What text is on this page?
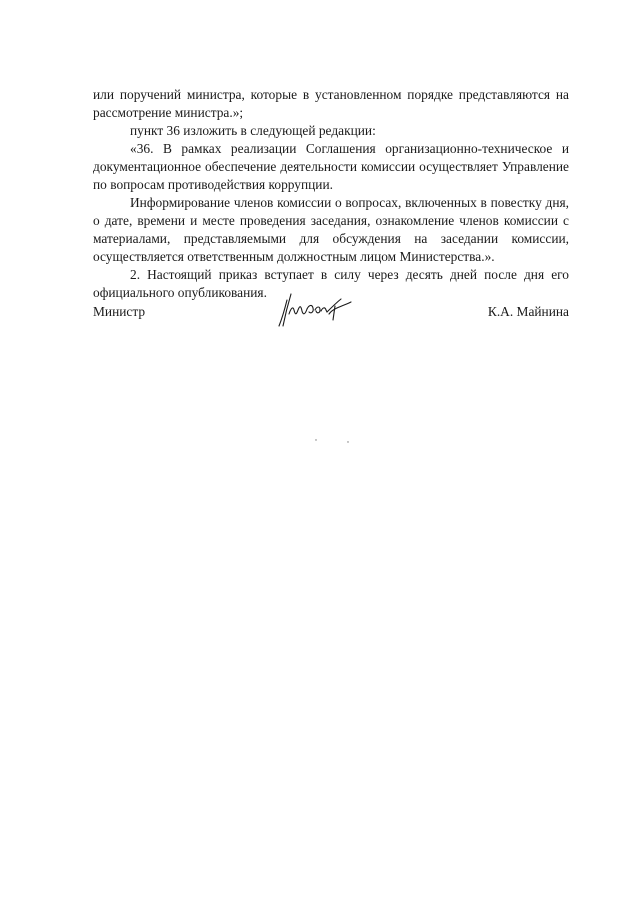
или поручений министра, которые в установленном порядке представляются на рассмотрение министра.»;

пункт 36 изложить в следующей редакции:

«36. В рамках реализации Соглашения организационно-техническое и документационное обеспечение деятельности комиссии осуществляет Управление по вопросам противодействия коррупции.

Информирование членов комиссии о вопросах, включенных в повестку дня, о дате, времени и месте проведения заседания, ознакомление членов комиссии с материалами, представляемыми для обсуждения на заседании комиссии, осуществляется ответственным должностным лицом Министерства.».

2. Настоящий приказ вступает в силу через десять дней после дня его официального опубликования.

Министр	К.А. Майнина
